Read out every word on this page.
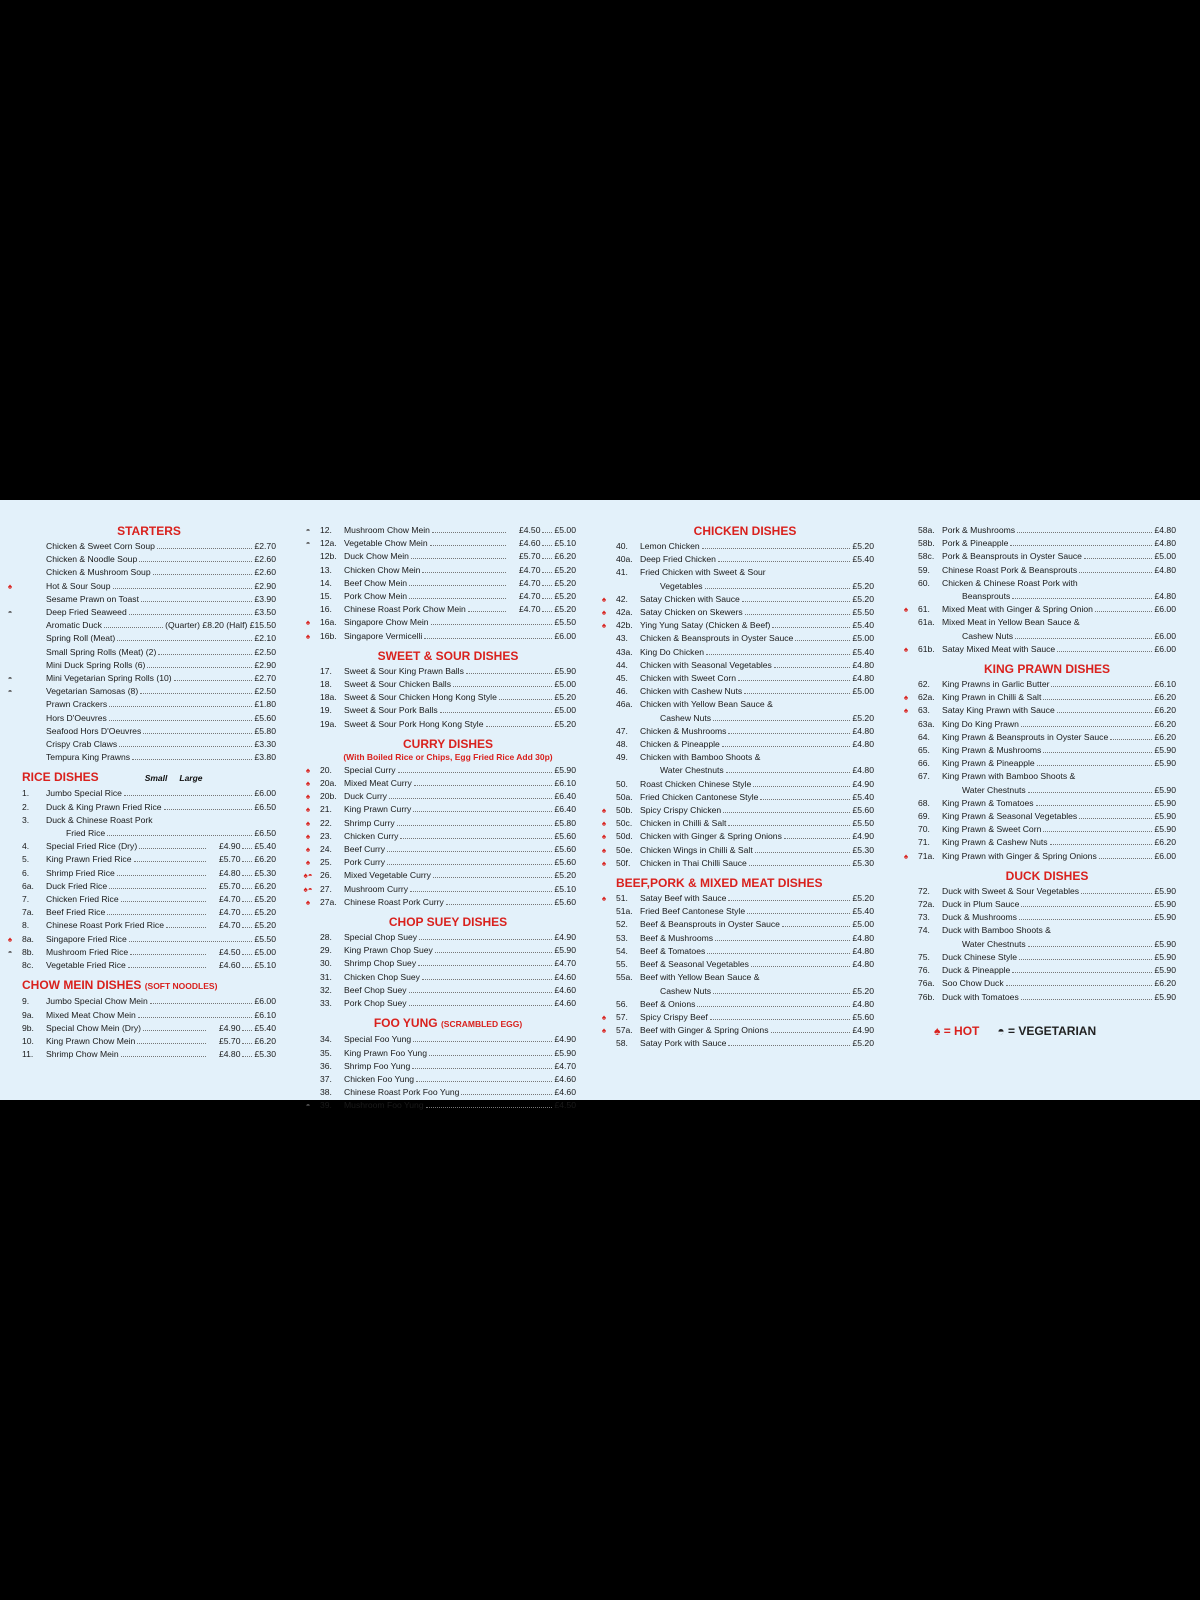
STARTERS
Chicken & Sweet Corn Soup	£2.70
Chicken & Noodle Soup	£2.60
Chicken & Mushroom Soup	£2.60
♠	Hot & Sour Soup	£2.90
Sesame Prawn on Toast	£3.90
◓	Deep Fried Seaweed	£3.50
Aromatic Duck	(Quarter) £8.20 (Half) £15.50
Spring Roll (Meat)	£2.10
Small Spring Rolls (Meat) (2)	£2.50
Mini Duck Spring Rolls (6)	£2.90
◓	Mini Vegetarian Spring Rolls (10)	£2.70
◓	Vegetarian Samosas (8)	£2.50
Prawn Crackers	£1.80
Hors D'Oeuvres	£5.60
Seafood Hors D'Oeuvres	£5.80
Crispy Crab Claws	£3.30
Tempura King Prawns	£3.80
RICE DISHES	Small Large
1.	Jumbo Special Rice	£6.00
2.	Duck & King Prawn Fried Rice	£6.50
3.	Duck & Chinese Roast Pork
Fried Rice	£6.50
4.	Special Fried Rice (Dry)	£4.90 £5.40
5.	King Prawn Fried Rice	£5.70 £6.20
6.	Shrimp Fried Rice	£4.80 £5.30
6a.	Duck Fried Rice	£5.70 £6.20
7.	Chicken Fried Rice	£4.70 £5.20
7a.	Beef Fried Rice	£4.70 £5.20
8.	Chinese Roast Pork Fried Rice	£4.70 £5.20
♠	8a.	Singapore Fried Rice	£5.50
◓	8b.	Mushroom Fried Rice	£4.50 £5.00
8c.	Vegetable Fried Rice	£4.60 £5.10
CHOW MEIN DISHES (SOFT NOODLES)
9.	Jumbo Special Chow Mein	£6.00
9a.	Mixed Meat Chow Mein	£6.10
9b.	Special Chow Mein (Dry)	£4.90 £5.40
10.	King Prawn Chow Mein	£5.70 £6.20
11.	Shrimp Chow Mein	£4.80 £5.30
◓	12.	Mushroom Chow Mein	£4.50 £5.00
◓	12a. Vegetable Chow Mein	£4.60 £5.10
12b. Duck Chow Mein	£5.70 £6.20
13.	Chicken Chow Mein	£4.70 £5.20
14.	Beef Chow Mein	£4.70 £5.20
15.	Pork Chow Mein	£4.70 £5.20
16.	Chinese Roast Pork Chow Mein	£4.70 £5.20
♠	16a. Singapore Chow Mein	£5.50
♠	16b. Singapore Vermicelli	£6.00
SWEET & SOUR DISHES
17.	Sweet & Sour King Prawn Balls	£5.90
18.	Sweet & Sour Chicken Balls	£5.00
18a. Sweet & Sour Chicken Hong Kong Style	£5.20
19.	Sweet & Sour Pork Balls	£5.00
19a. Sweet & Sour Pork Hong Kong Style	£5.20
CURRY DISHES
(With Boiled Rice or Chips, Egg Fried Rice Add 30p)
♠	20.	Special Curry	£5.90
♠	20a. Mixed Meat Curry	£6.10
♠	20b. Duck Curry	£6.40
♠	21.	King Prawn Curry	£6.40
♠	22.	Shrimp Curry	£5.80
♠	23.	Chicken Curry	£5.60
♠	24.	Beef Curry	£5.60
♠	25.	Pork Curry	£5.60
♠◓ 26.	Mixed Vegetable Curry	£5.20
♠◓ 27.	Mushroom Curry	£5.10
♠	27a. Chinese Roast Pork Curry	£5.60
CHOP SUEY DISHES
28.	Special Chop Suey	£4.90
29.	King Prawn Chop Suey	£5.90
30.	Shrimp Chop Suey	£4.70
31.	Chicken Chop Suey	£4.60
32.	Beef Chop Suey	£4.60
33.	Pork Chop Suey	£4.60
FOO YUNG (SCRAMBLED EGG)
34.	Special Foo Yung	£4.90
35.	King Prawn Foo Yung	£5.90
36.	Shrimp Foo Yung	£4.70
37.	Chicken Foo Yung	£4.60
38.	Chinese Roast Pork Foo Yung	£4.60
◓	39.	Mushroom Foo Yung	£4.50
CHICKEN DISHES
40.	Lemon Chicken	£5.20
40a. Deep Fried Chicken	£5.40
41.	Fried Chicken with Sweet & Sour
Vegetables	£5.20
♠	42.	Satay Chicken with Sauce	£5.20
♠	42a. Satay Chicken on Skewers	£5.50
♠	42b. Ying Yung Satay (Chicken & Beef)	£5.40
43.	Chicken & Beansprouts in Oyster Sauce	£5.00
43a. King Do Chicken	£5.40
44.	Chicken with Seasonal Vegetables	£4.80
45.	Chicken with Sweet Corn	£4.80
46.	Chicken with Cashew Nuts	£5.00
46a. Chicken with Yellow Bean Sauce &
Cashew Nuts	£5.20
47.	Chicken & Mushrooms	£4.80
48.	Chicken & Pineapple	£4.80
49.	Chicken with Bamboo Shoots &
Water Chestnuts	£4.80
50.	Roast Chicken Chinese Style	£4.90
50a. Fried Chicken Cantonese Style	£5.40
♠	50b. Spicy Crispy Chicken	£5.60
♠	50c. Chicken in Chilli & Salt	£5.50
♠	50d. Chicken with Ginger & Spring Onions	£4.90
♠	50e. Chicken Wings in Chilli & Salt	£5.30
♠	50f.	Chicken in Thai Chilli Sauce	£5.30
BEEF,PORK & MIXED MEAT DISHES
♠	51.	Satay Beef with Sauce	£5.20
51a. Fried Beef Cantonese Style	£5.40
52.	Beef & Beansprouts in Oyster Sauce	£5.00
53.	Beef & Mushrooms	£4.80
54.	Beef & Tomatoes	£4.80
55.	Beef & Seasonal Vegetables	£4.80
55a. Beef with Yellow Bean Sauce &
Cashew Nuts	£5.20
56.	Beef & Onions	£4.80
♠	57.	Spicy Crispy Beef	£5.60
♠	57a. Beef with Ginger & Spring Onions	£4.90
58.	Satay Pork with Sauce	£5.20
58a. Pork & Mushrooms	£4.80
58b. Pork & Pineapple	£4.80
58c. Pork & Beansprouts in Oyster Sauce	£5.00
59.	Chinese Roast Pork & Beansprouts	£4.80
60.	Chicken & Chinese Roast Pork with
Beansprouts	£4.80
♠	61.	Mixed Meat with Ginger & Spring Onion	£6.00
61a. Mixed Meat in Yellow Bean Sauce &
Cashew Nuts	£6.00
♠	61b. Satay Mixed Meat with Sauce	£6.00
KING PRAWN DISHES
62.	King Prawns in Garlic Butter	£6.10
♠	62a. King Prawn in Chilli & Salt	£6.20
♠	63.	Satay King Prawn with Sauce	£6.20
63a. King Do King Prawn	£6.20
64.	King Prawn & Beansprouts in Oyster Sauce	£6.20
65.	King Prawn & Mushrooms	£5.90
66.	King Prawn & Pineapple	£5.90
67.	King Prawn with Bamboo Shoots &
Water Chestnuts	£5.90
68.	King Prawn & Tomatoes	£5.90
69.	King Prawn & Seasonal Vegetables	£5.90
70.	King Prawn & Sweet Corn	£5.90
71.	King Prawn & Cashew Nuts	£6.20
♠	71a. King Prawn with Ginger & Spring Onions	£6.00
DUCK DISHES
72.	Duck with Sweet & Sour Vegetables	£5.90
72a. Duck in Plum Sauce	£5.90
73.	Duck & Mushrooms	£5.90
74.	Duck with Bamboo Shoots &
Water Chestnuts	£5.90
75.	Duck Chinese Style	£5.90
76.	Duck & Pineapple	£5.90
76a. Soo Chow Duck	£6.20
76b. Duck with Tomatoes	£5.90
♠ = HOT ◓ = VEGETARIAN
